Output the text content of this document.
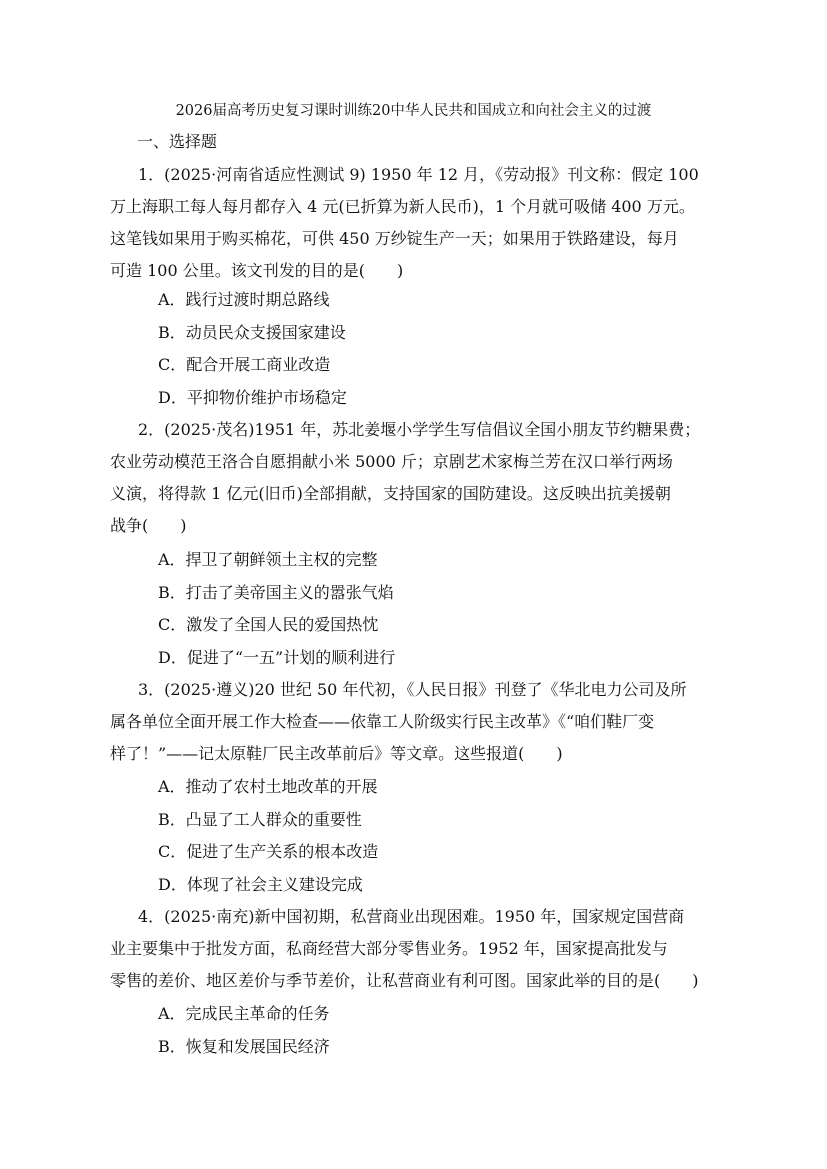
2026届高考历史复习课时训练20中华人民共和国成立和向社会主义的过渡
一、选择题
1．(2025·河南省适应性测试 9) 1950 年 12 月，《劳动报》刊文称：假定 100
万上海职工每人每月都存入 4 元(已折算为新人民币)，1 个月就可吸储 400 万元。
这笔钱如果用于购买棉花，可供 450 万纱锭生产一天；如果用于铁路建设，每月
可造 100 公里。该文刊发的目的是(　　)
A．践行过渡时期总路线
B．动员民众支援国家建设
C．配合开展工商业改造
D．平抑物价维护市场稳定
2．(2025·茂名)1951 年，苏北姜堰小学学生写信倡议全国小朋友节约糖果费；
农业劳动模范王洛合自愿捐献小米 5000 斤；京剧艺术家梅兰芳在汉口举行两场
义演，将得款 1 亿元(旧币)全部捐献，支持国家的国防建设。这反映出抗美援朝
战争(　　)
A．捍卫了朝鲜领土主权的完整
B．打击了美帝国主义的嚣张气焰
C．激发了全国人民的爱国热忱
D．促进了“一五”计划的顺利进行
3．(2025·遵义)20 世纪 50 年代初，《人民日报》刊登了《华北电力公司及所
属各单位全面开展工作大检查——依靠工人阶级实行民主改革》《“咱们鞋厂变
样了！”——记太原鞋厂民主改革前后》等文章。这些报道(　　)
A．推动了农村土地改革的开展
B．凸显了工人群众的重要性
C．促进了生产关系的根本改造
D．体现了社会主义建设完成
4．(2025·南充)新中国初期，私营商业出现困难。1950 年，国家规定国营商
业主要集中于批发方面，私商经营大部分零售业务。1952 年，国家提高批发与
零售的差价、地区差价与季节差价，让私营商业有利可图。国家此举的目的是(　　)
A．完成民主革命的任务
B．恢复和发展国民经济
